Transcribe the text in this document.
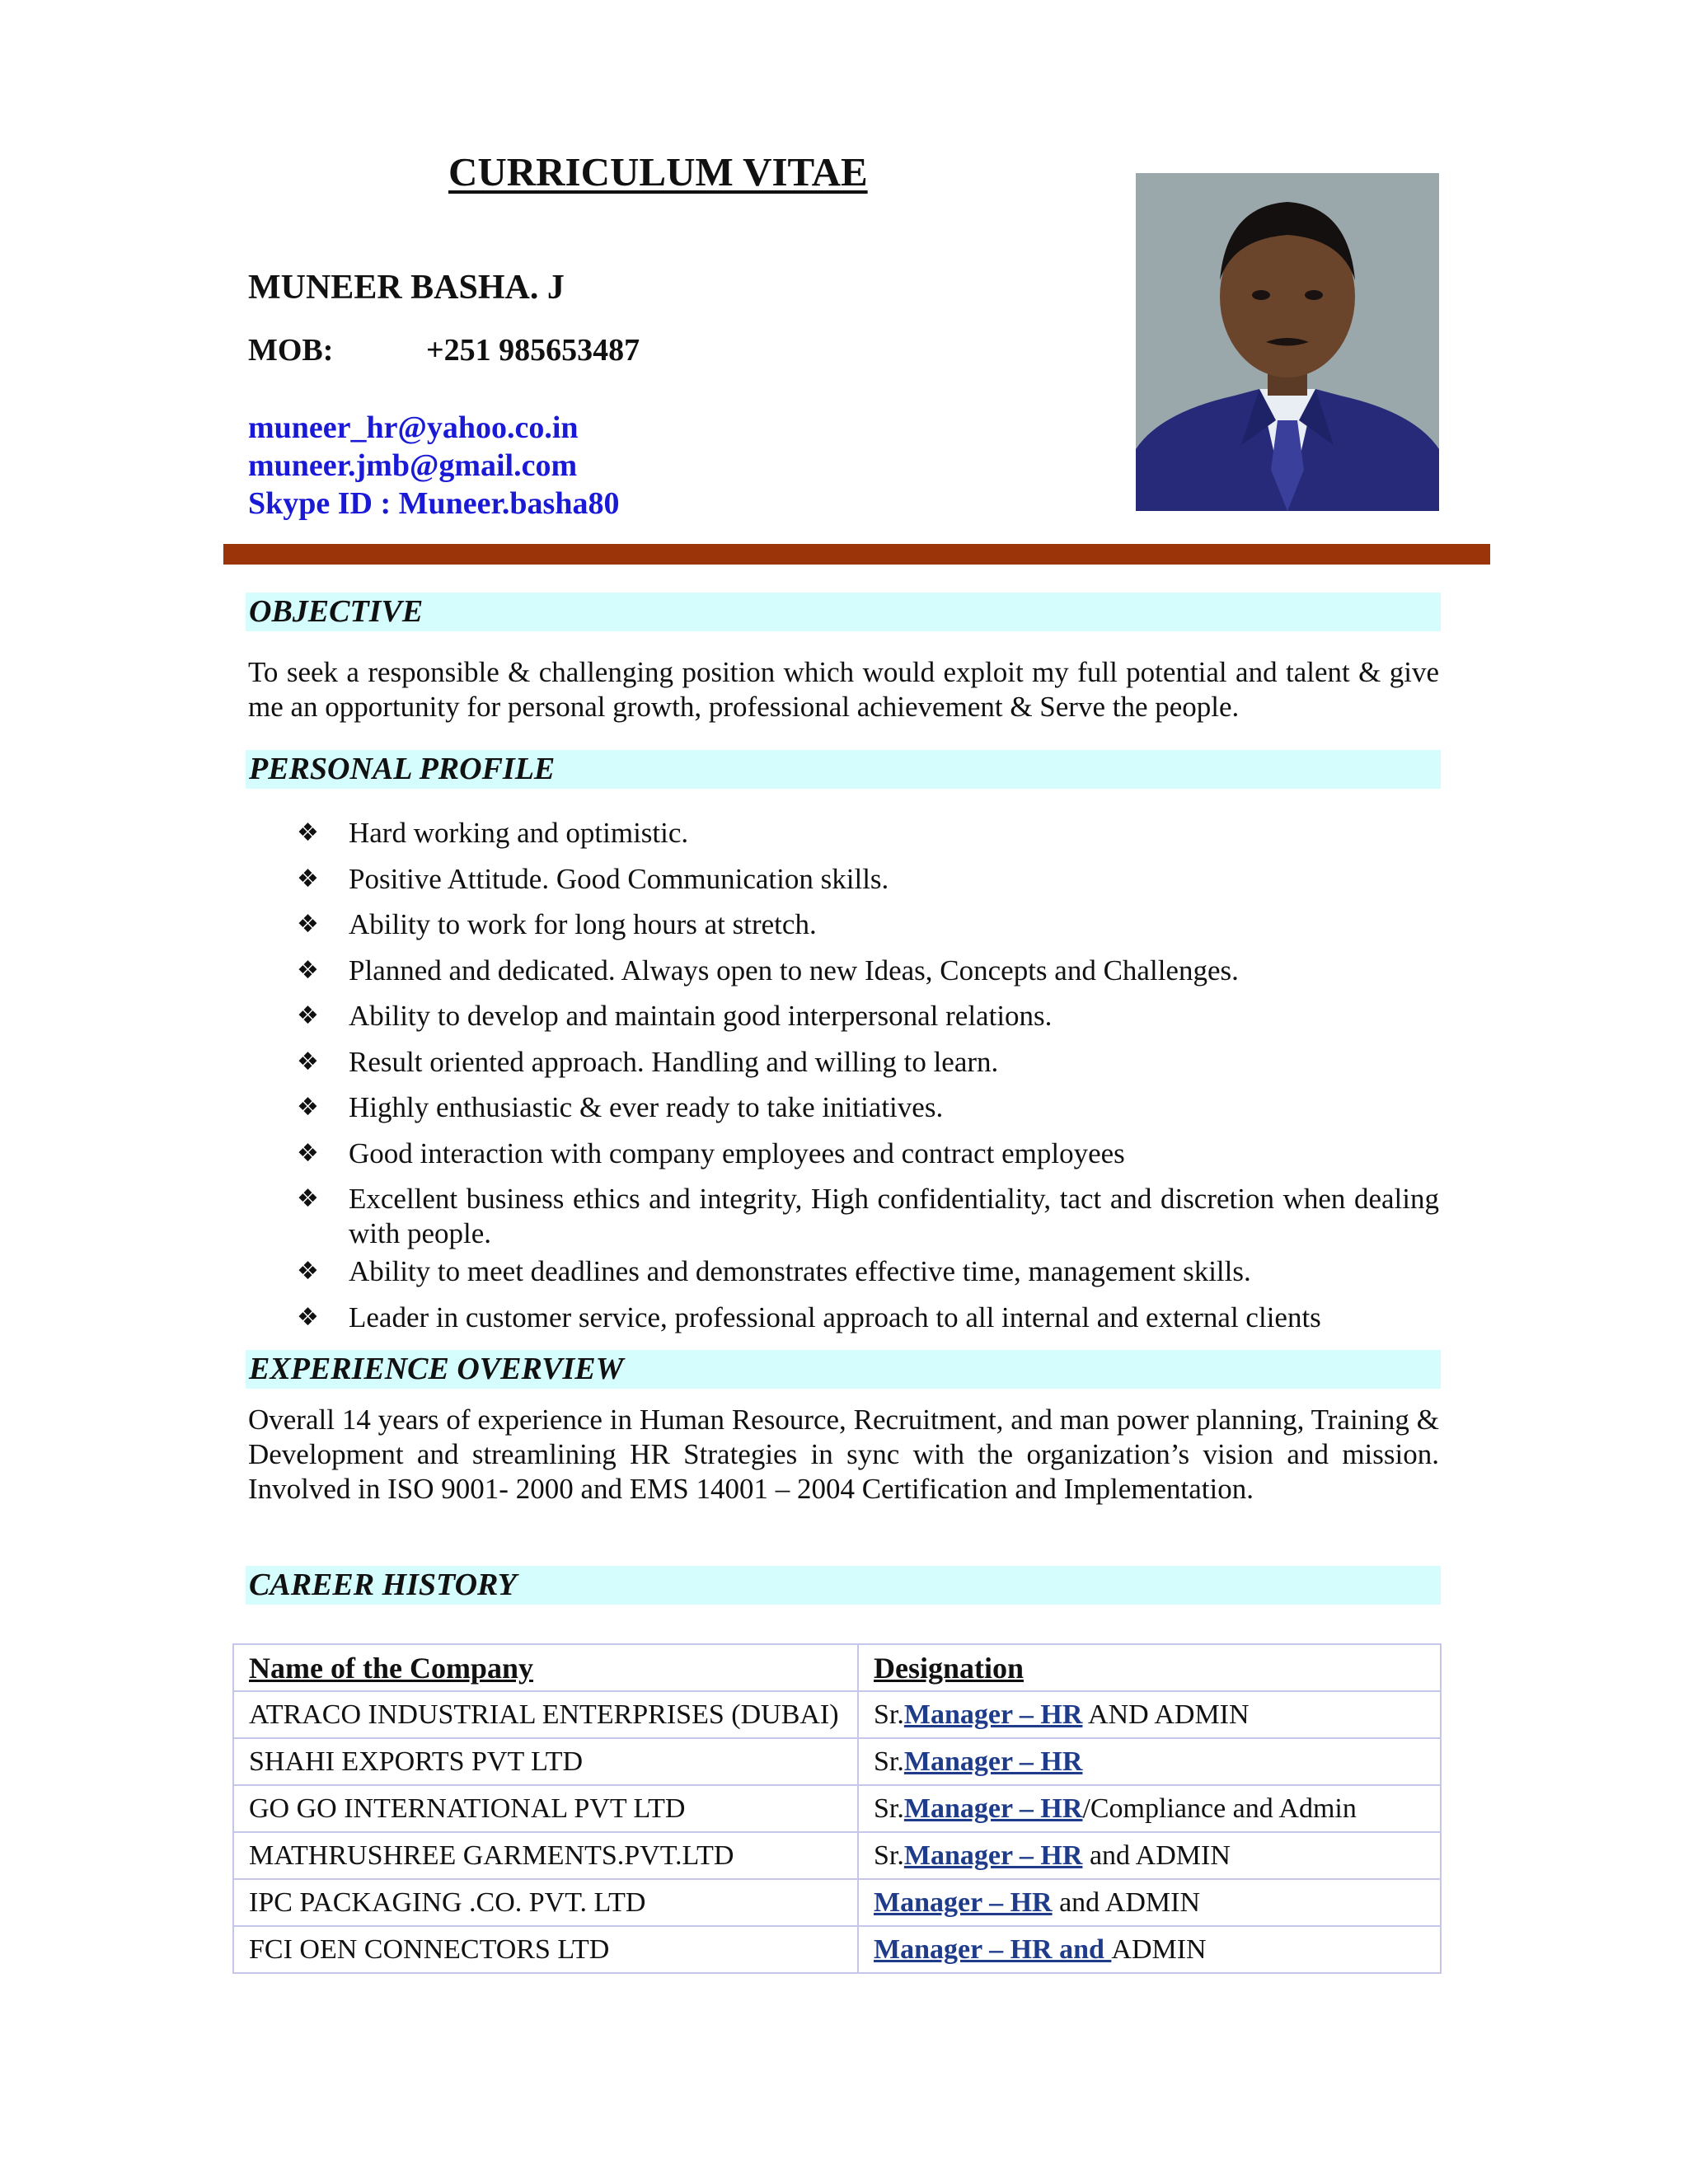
CURRICULUM VITAE
MUNEER BASHA. J
MOB:	+251 985653487
muneer_hr@yahoo.co.in
muneer.jmb@gmail.com
Skype ID : Muneer.basha80
OBJECTIVE
To seek a responsible & challenging position which would exploit my full potential and talent & give me an opportunity for personal growth, professional achievement & Serve the people.
PERSONAL PROFILE
❖ Hard working and optimistic.
❖ Positive Attitude. Good Communication skills.
❖ Ability to work for long hours at stretch.
❖ Planned and dedicated. Always open to new Ideas, Concepts and Challenges.
❖ Ability to develop and maintain good interpersonal relations.
❖ Result oriented approach. Handling and willing to learn.
❖ Highly enthusiastic & ever ready to take initiatives.
❖ Good interaction with company employees and contract employees
❖ Excellent business ethics and integrity, High confidentiality, tact and discretion when dealing with people.
❖ Ability to meet deadlines and demonstrates effective time, management skills.
❖ Leader in customer service, professional approach to all internal and external clients
EXPERIENCE OVERVIEW
Overall 14 years of experience in Human Resource, Recruitment, and man power planning, Training & Development and streamlining HR Strategies in sync with the organization’s vision and mission. Involved in ISO 9001- 2000 and EMS 14001 – 2004 Certification and Implementation.
CAREER HISTORY
Name of the Company	Designation
ATRACO INDUSTRIAL ENTERPRISES (DUBAI)	Sr.Manager – HR AND ADMIN
SHAHI EXPORTS PVT LTD	Sr.Manager – HR
GO GO INTERNATIONAL PVT LTD	Sr.Manager – HR/Compliance and Admin
MATHRUSHREE GARMENTS.PVT.LTD	Sr.Manager – HR and ADMIN
IPC PACKAGING .CO. PVT. LTD	Manager – HR and ADMIN
FCI OEN CONNECTORS LTD	Manager – HR and ADMIN
